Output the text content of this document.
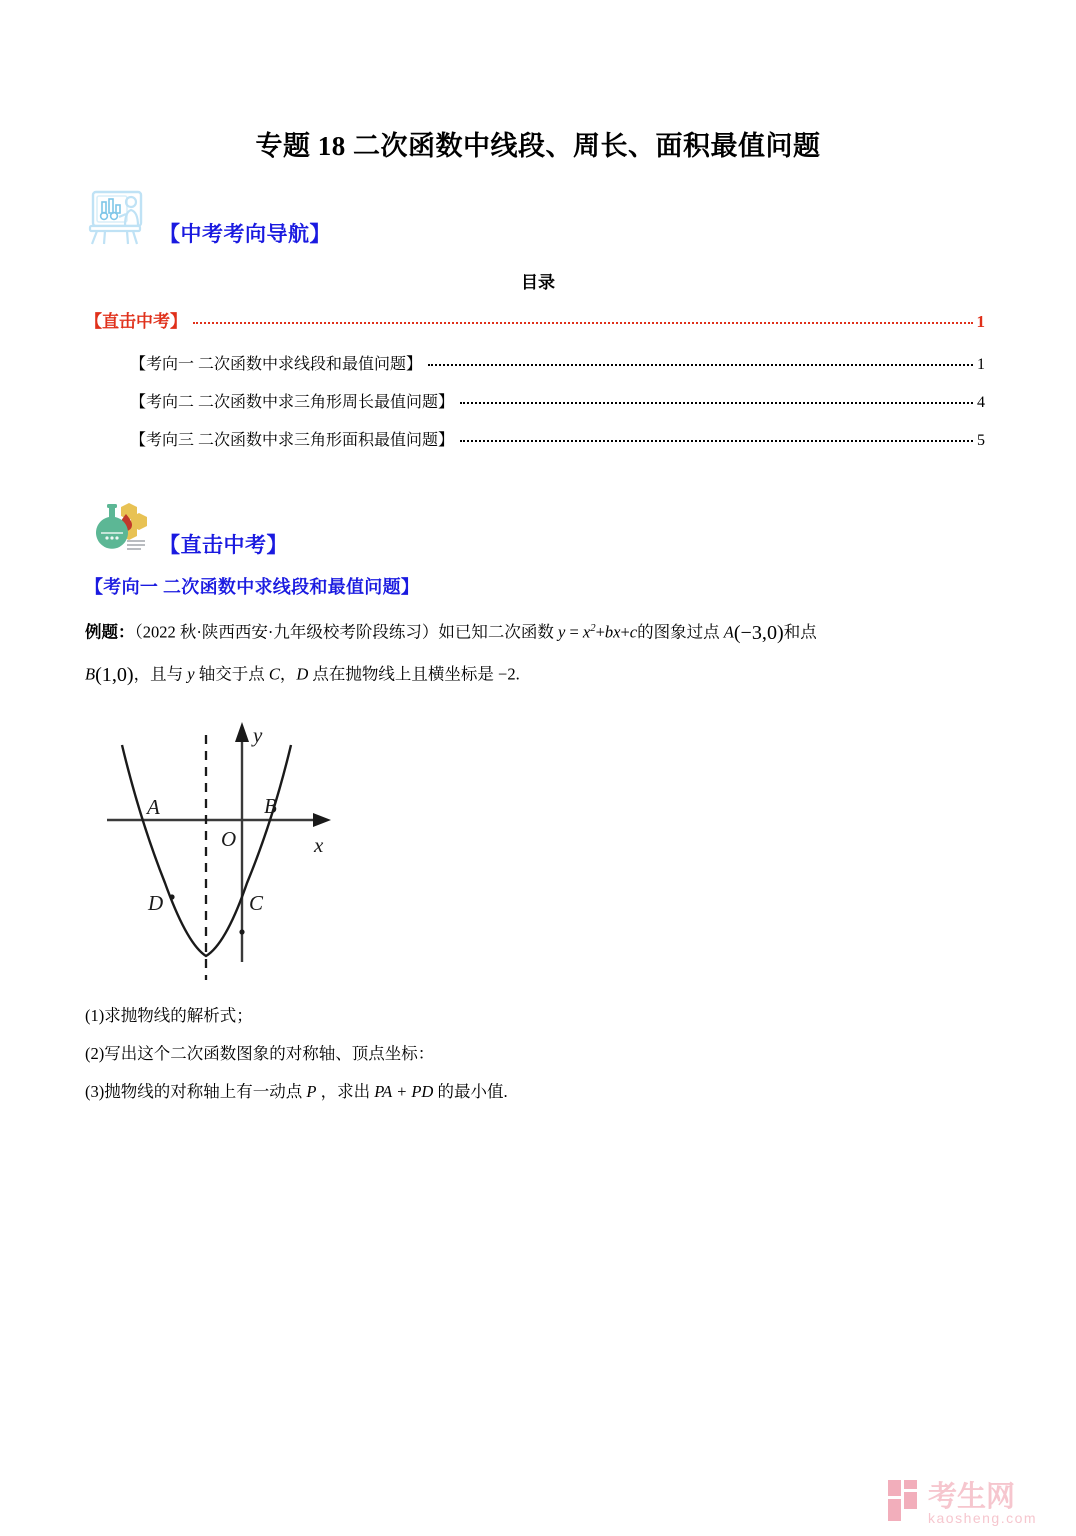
专题 18 二次函数中线段、周长、面积最值问题
【中考考向导航】
目录
【直击中考】	1
【考向一 二次函数中求线段和最值问题】	1
【考向二 二次函数中求三角形周长最值问题】	4
【考向三 二次函数中求三角形面积最值问题】	5
【直击中考】
【考向一 二次函数中求线段和最值问题】
例题：（2022 秋·陕西西安·九年级校考阶段练习）如已知二次函数 $y = x^2+bx+c$的图象过点 A(−3,0)和点
B(1,0)，且与 y 轴交于点 C，D 点在抛物线上且横坐标是 −2.
A	B
O	x
y
D	C
(1)求抛物线的解析式；
(2)写出这个二次函数图象的对称轴、顶点坐标：
(3)抛物线的对称轴上有一动点 P ，求出 PA + PD 的最小值.
考生网
kaosheng.com
